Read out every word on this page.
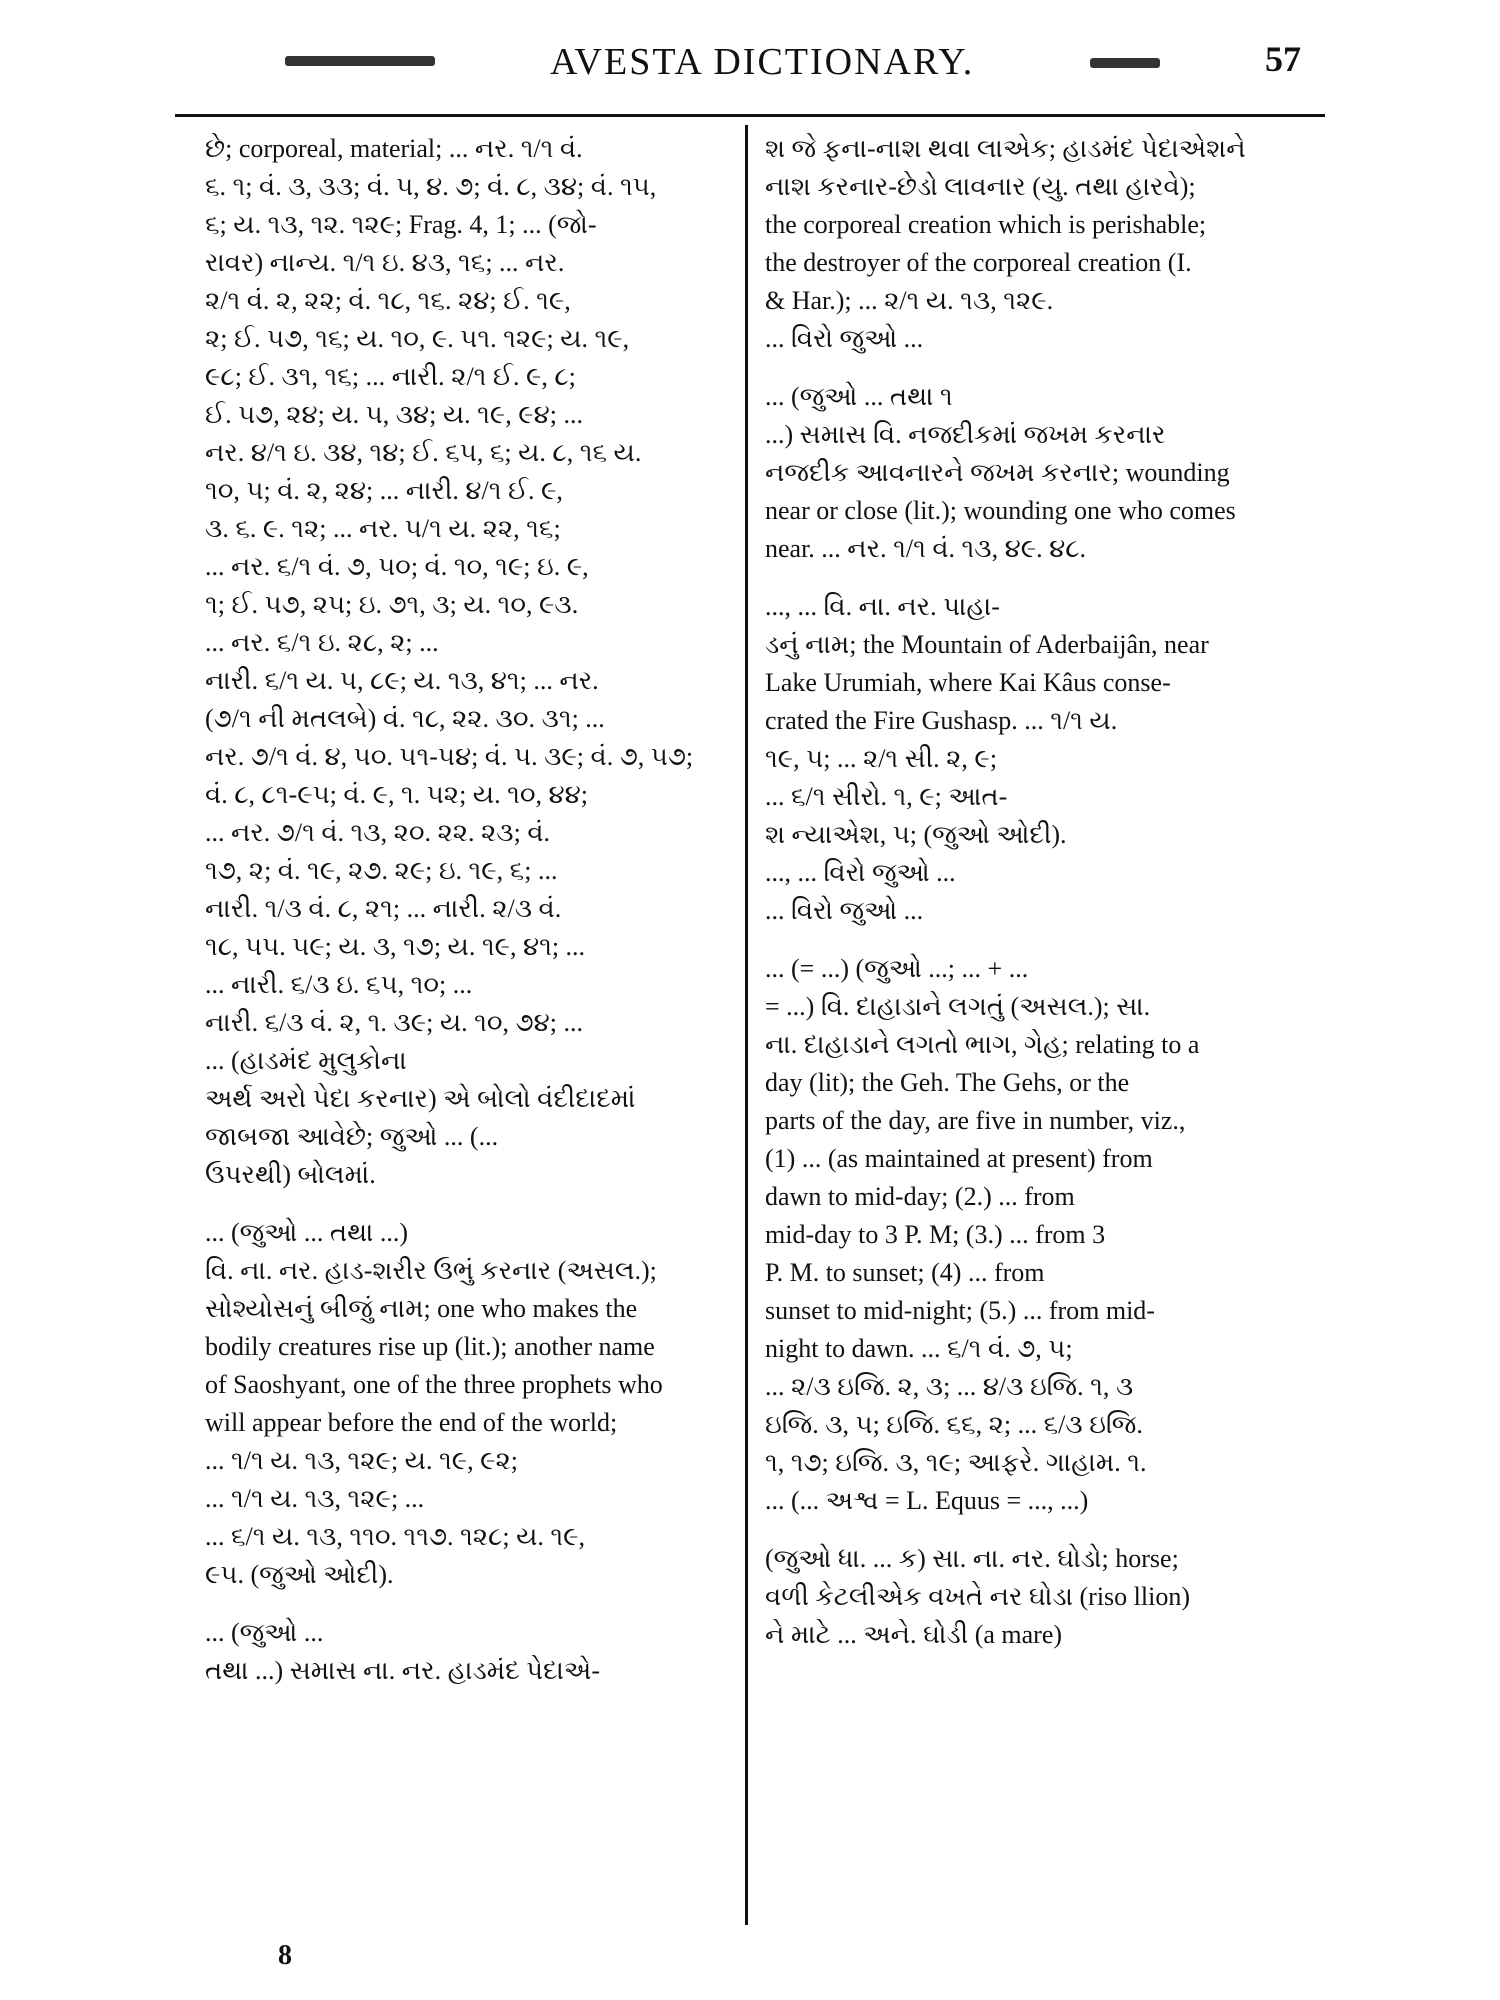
AVESTA DICTIONARY.	57
છે; corporeal, material; ... નર. ૧/૧ વં.
૬. ૧; વં. ૩, ૩૩; વં. ૫, ૪. ૭; વં. ૮, ૩૪; વં. ૧૫,
૬; ય. ૧૩, ૧૨. ૧૨૯; Frag. 4, 1; ... (જો-
રાવર) નાન્ય. ૧/૧ ઇ. ૪૩, ૧૬; ... નર.
૨/૧ વં. ૨, ૨૨; વં. ૧૮, ૧૬. ૨૪; ઈ. ૧૯,
૨; ઈ. ૫૭, ૧૬; ય. ૧૦, ૯. ૫૧. ૧૨૯; ય. ૧૯,
૯૮; ઈ. ૩૧, ૧૬; ... નારી. ૨/૧ ઈ. ૯, ૮;
ઈ. ૫૭, ૨૪; ય. ૫, ૩૪; ય. ૧૯, ૯૪; ...
નર. ૪/૧ ઇ. ૩૪, ૧૪; ઈ. ૬૫, ૬; ય. ૮, ૧૬ ય.
૧૦, ૫; વં. ૨, ૨૪; ... નારી. ૪/૧ ઈ. ૯,
૩. ૬. ૯. ૧૨; ... નર. ૫/૧ ય. ૨૨, ૧૬;
... નર. ૬/૧ વં. ૭, ૫૦; વં. ૧૦, ૧૯; ઇ. ૯,
૧; ઈ. ૫૭, ૨૫; ઇ. ૭૧, ૩; ય. ૧૦, ૯૩.
... નર. ૬/૧ ઇ. ૨૮, ૨; ...
નારી. ૬/૧ ય. ૫, ૮૯; ય. ૧૩, ૪૧; ... નર.
(૭/૧ ની મતલબે) વં. ૧૮, ૨૨. ૩૦. ૩૧; ...
નર. ૭/૧ વં. ૪, ૫૦. ૫૧-૫૪; વં. ૫. ૩૯; વં. ૭, ૫૭;
વં. ૮, ૮૧-૯૫; વં. ૯, ૧. ૫૨; ય. ૧૦, ૪૪;
... નર. ૭/૧ વં. ૧૩, ૨૦. ૨૨. ૨૩; વં.
૧૭, ૨; વં. ૧૯, ૨૭. ૨૯; ઇ. ૧૯, ૬; ...
નારી. ૧/૩ વં. ૮, ૨૧; ... નારી. ૨/૩ વં.
૧૮, ૫૫. ૫૯; ય. ૩, ૧૭; ય. ૧૯, ૪૧; ...
... નારી. ૬/૩ ઇ. ૬૫, ૧૦; ...
નારી. ૬/૩ વં. ૨, ૧. ૩૯; ય. ૧૦, ૭૪; ...
... (હાડમંદ મુલુકોના
અર્થ અરો પેદા કરનાર) એ બોલો વંદીદાદમાં
જાબજા આવેછે; જુઓ ... (...
ઉપરથી) બોલમાં.
... (જુઓ ... તથા ...)
વિ. ના. નર. હાડ-શરીર ઉભું કરનાર (અસલ.);
સોશ્યોસનું બીજું નામ; one who makes the
bodily creatures rise up (lit.); another name
of Saoshyant, one of the three prophets who
will appear before the end of the world;
... ૧/૧ ય. ૧૩, ૧૨૯; ય. ૧૯, ૯૨;
... ૧/૧ ય. ૧૩, ૧૨૯; ...
... ૬/૧ ય. ૧૩, ૧૧૦. ૧૧૭. ૧૨૮; ય. ૧૯,
૯૫. (જુઓ ઓદી).
... (જુઓ ...
તથા ...) સમાસ ના. નર. હાડમંદ પેદાએ-
શ જે ફના-નાશ થવા લાએક; હાડમંદ પેદાએશને
નાશ કરનાર-છેડો લાવનાર (યુ. તથા હારવે);
the corporeal creation which is perishable;
the destroyer of the corporeal creation (I.
& Har.); ... ૨/૧ ય. ૧૩, ૧૨૯.
... વિરો જુઓ ...
... (જુઓ ... તથા ૧
...) સમાસ વિ. નજદીકમાં જખમ કરનાર
નજદીક આવનારને જખમ કરનાર; wounding
near or close (lit.); wounding one who comes
near. ... નર. ૧/૧ વં. ૧૩, ૪૯. ૪૮.
..., ... વિ. ના. નર. પાહા-
ડનું નામ; the Mountain of Aderbaijân, near
Lake Urumiah, where Kai Kâus conse-
crated the Fire Gushasp. ... ૧/૧ ય.
૧૯, ૫; ... ૨/૧ સી. ૨, ૯;
... ૬/૧ સીરો. ૧, ૯; આત-
શ ન્યાએશ, ૫; (જુઓ ઓદી).
..., ... વિરો જુઓ ...
... વિરો જુઓ ...
... (= ...) (જુઓ ...; ... + ...
= ...) વિ. દાહાડાને લગતું (અસલ.); સા.
ના. દાહાડાને લગતો ભાગ, ગેહ; relating to a
day (lit); the Geh. The Gehs, or the
parts of the day, are five in number, viz.,
(1) ... (as maintained at present) from
dawn to mid-day; (2.) ... from
mid-day to 3 P. M; (3.) ... from 3
P. M. to sunset; (4) ... from
sunset to mid-night; (5.) ... from mid-
night to dawn. ... ૬/૧ વં. ૭, ૫;
... ૨/૩ ઇજિ. ૨, ૩; ... ૪/૩ ઇજિ. ૧, ૩
ઇજિ. ૩, ૫; ઇજિ. ૬૬, ૨; ... ૬/૩ ઇજિ.
૧, ૧૭; ઇજિ. ૩, ૧૯; આફરે. ગાહામ. ૧.
... (... અશ્વ = L. Equus = ..., ...)
(જુઓ ધા. ... ક) સા. ના. નર. ઘોડો; horse;
વળી કેટલીએક વખતે નર ઘોડા (riso llion)
ને માટે ... અને. ઘોડી (a mare)
8
